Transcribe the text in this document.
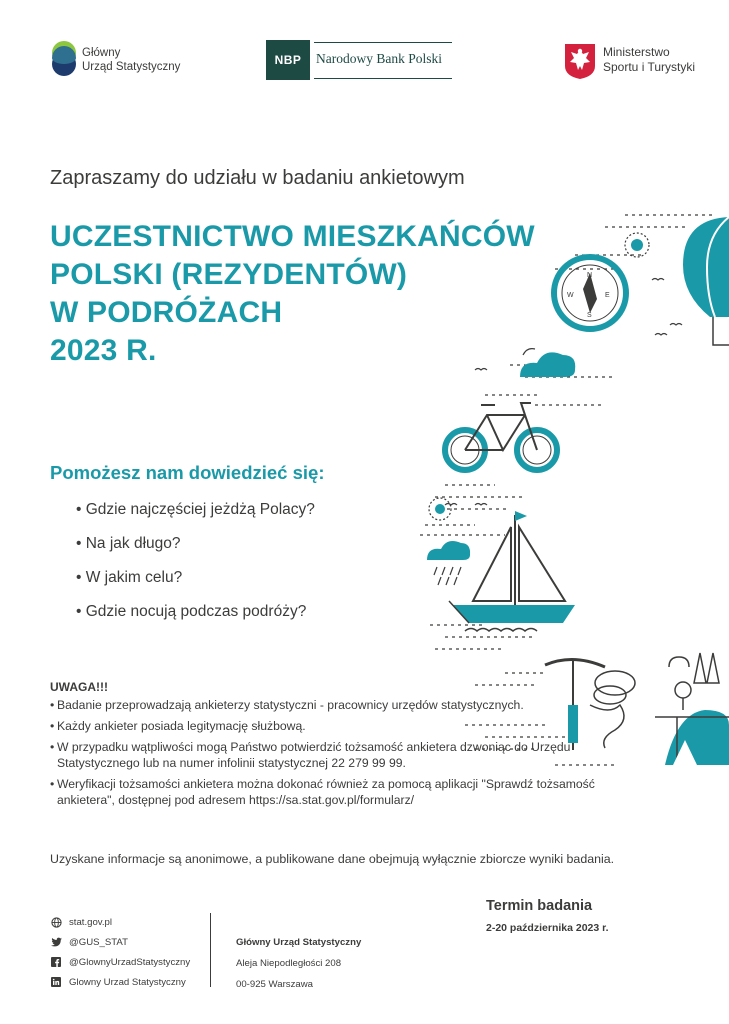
Główny
Urząd Statystyczny	NBP	Narodowy Bank Polski	Ministerstwo
Sportu i Turystyki
Zapraszamy do udziału w badaniu ankietowym
UCZESTNICTWO MIESZKAŃCÓW
POLSKI (REZYDENTÓW)
W PODRÓŻACH
2023 R.
Pomożesz nam dowiedzieć się:
• Gdzie najczęściej jeżdżą Polacy?
• Na jak długo?
• W jakim celu?
• Gdzie nocują podczas podróży?
N
E
S
W
UWAGA!!!
• Badanie przeprowadzają ankieterzy statystyczni - pracownicy urzędów statystycznych.
• Każdy ankieter posiada legitymację służbową.
• W przypadku wątpliwości mogą Państwo potwierdzić tożsamość ankietera dzwoniąc do Urzędu Statystycznego lub na numer infolinii statystycznej 22 279 99 99.
• Weryfikacji tożsamości ankietera można dokonać również za pomocą aplikacji "Sprawdź tożsamość ankietera", dostępnej pod adresem https://sa.stat.gov.pl/formularz/
Uzyskane informacje są anonimowe, a publikowane dane obejmują wyłącznie zbiorcze wyniki badania.
stat.gov.pl
@GUS_STAT
@GlownyUrzadStatystyczny
Glowny Urzad Statystyczny
Główny Urząd Statystyczny
Aleja Niepodległości 208
00-925 Warszawa
Termin badania
2-20 października 2023 r.
